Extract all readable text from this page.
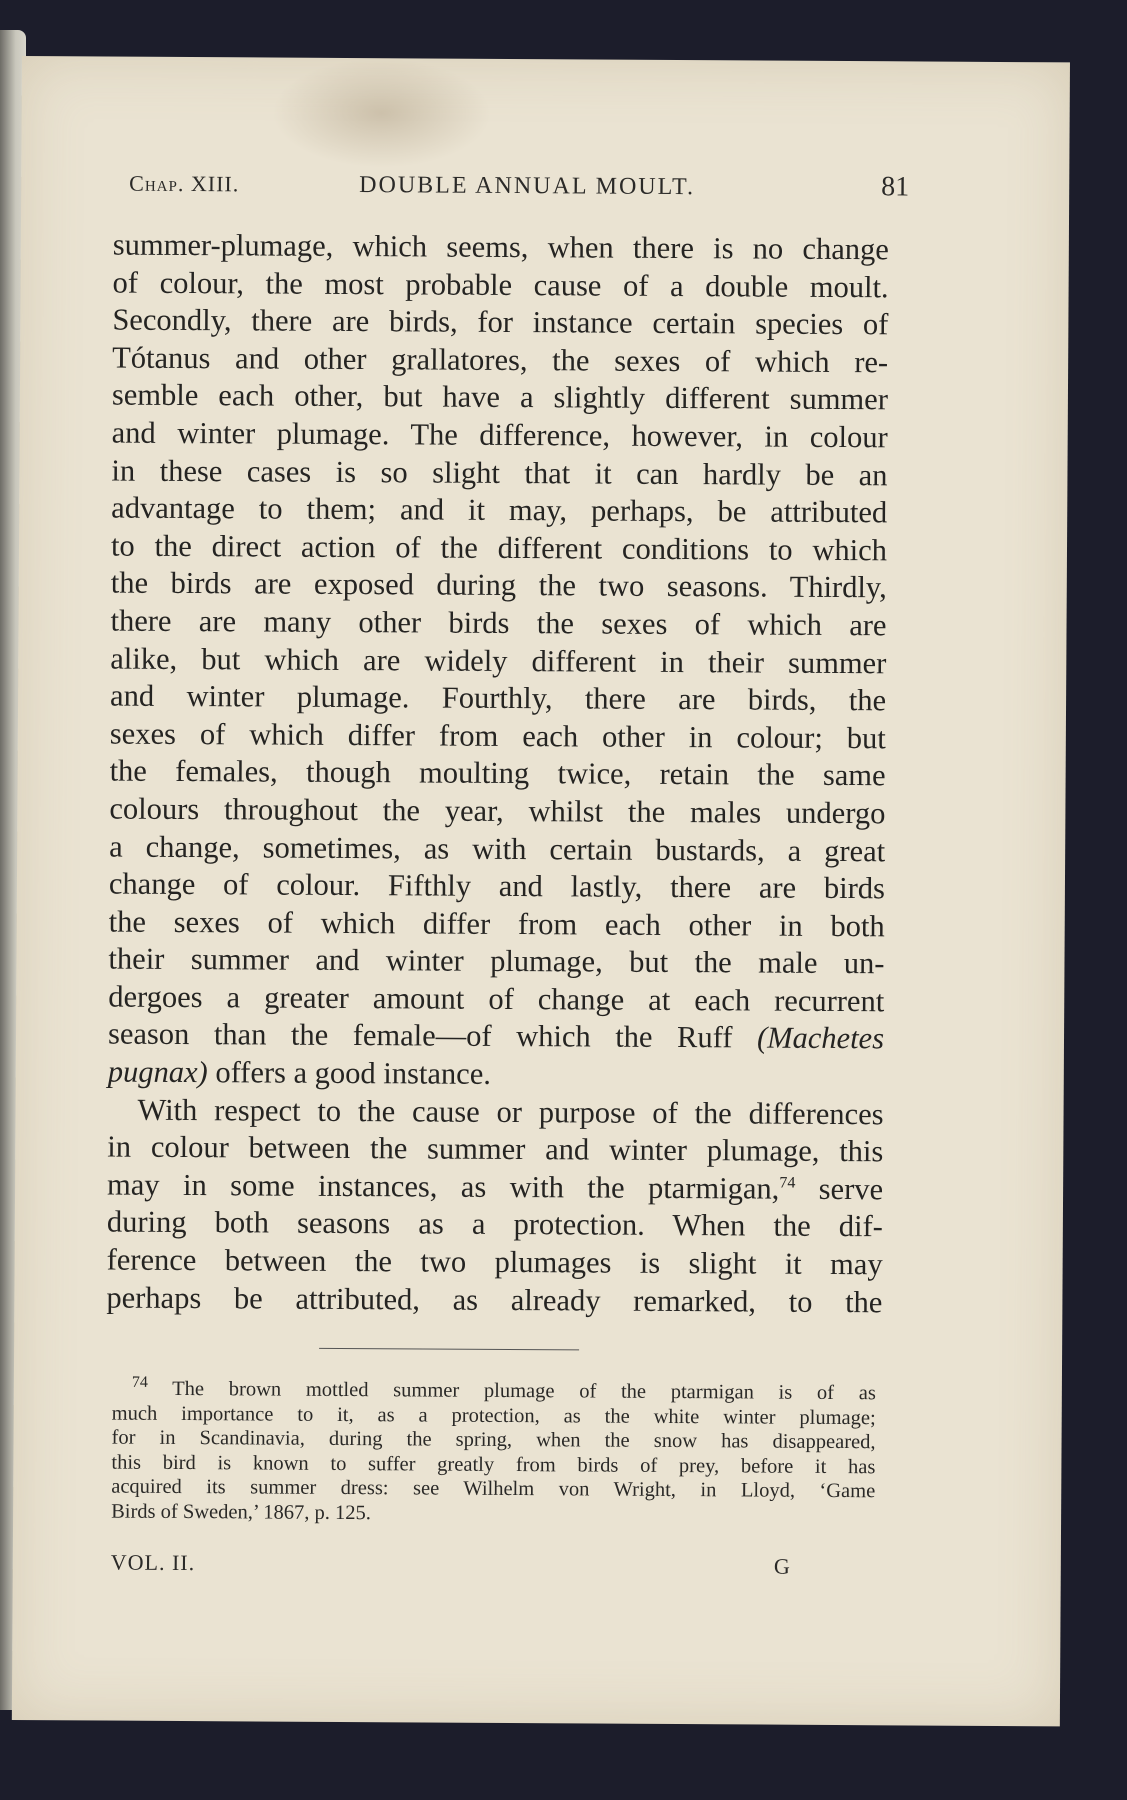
Chap. XIII.	DOUBLE ANNUAL MOULT.	81
summer-plumage, which seems, when there is no change
of colour, the most probable cause of a double moult.
Secondly, there are birds, for instance certain species of
Tótanus and other grallatores, the sexes of which re-
semble each other, but have a slightly different summer
and winter plumage. The difference, however, in colour
in these cases is so slight that it can hardly be an
advantage to them; and it may, perhaps, be attributed
to the direct action of the different conditions to which
the birds are exposed during the two seasons. Thirdly,
there are many other birds the sexes of which are
alike, but which are widely different in their summer
and winter plumage. Fourthly, there are birds, the
sexes of which differ from each other in colour; but
the females, though moulting twice, retain the same
colours throughout the year, whilst the males undergo
a change, sometimes, as with certain bustards, a great
change of colour. Fifthly and lastly, there are birds
the sexes of which differ from each other in both
their summer and winter plumage, but the male un-
dergoes a greater amount of change at each recurrent
season than the female—of which the Ruff (Machetes
pugnax) offers a good instance.
With respect to the cause or purpose of the differences
in colour between the summer and winter plumage, this
may in some instances, as with the ptarmigan,$^{74}$ serve
during both seasons as a protection. When the dif-
ference between the two plumages is slight it may
perhaps be attributed, as already remarked, to the
$^{74}$ The brown mottled summer plumage of the ptarmigan is of as
much importance to it, as a protection, as the white winter plumage;
for in Scandinavia, during the spring, when the snow has disappeared,
this bird is known to suffer greatly from birds of prey, before it has
acquired its summer dress: see Wilhelm von Wright, in Lloyd, ‘Game
Birds of Sweden,’ 1867, p. 125.
VOL. II.	G
